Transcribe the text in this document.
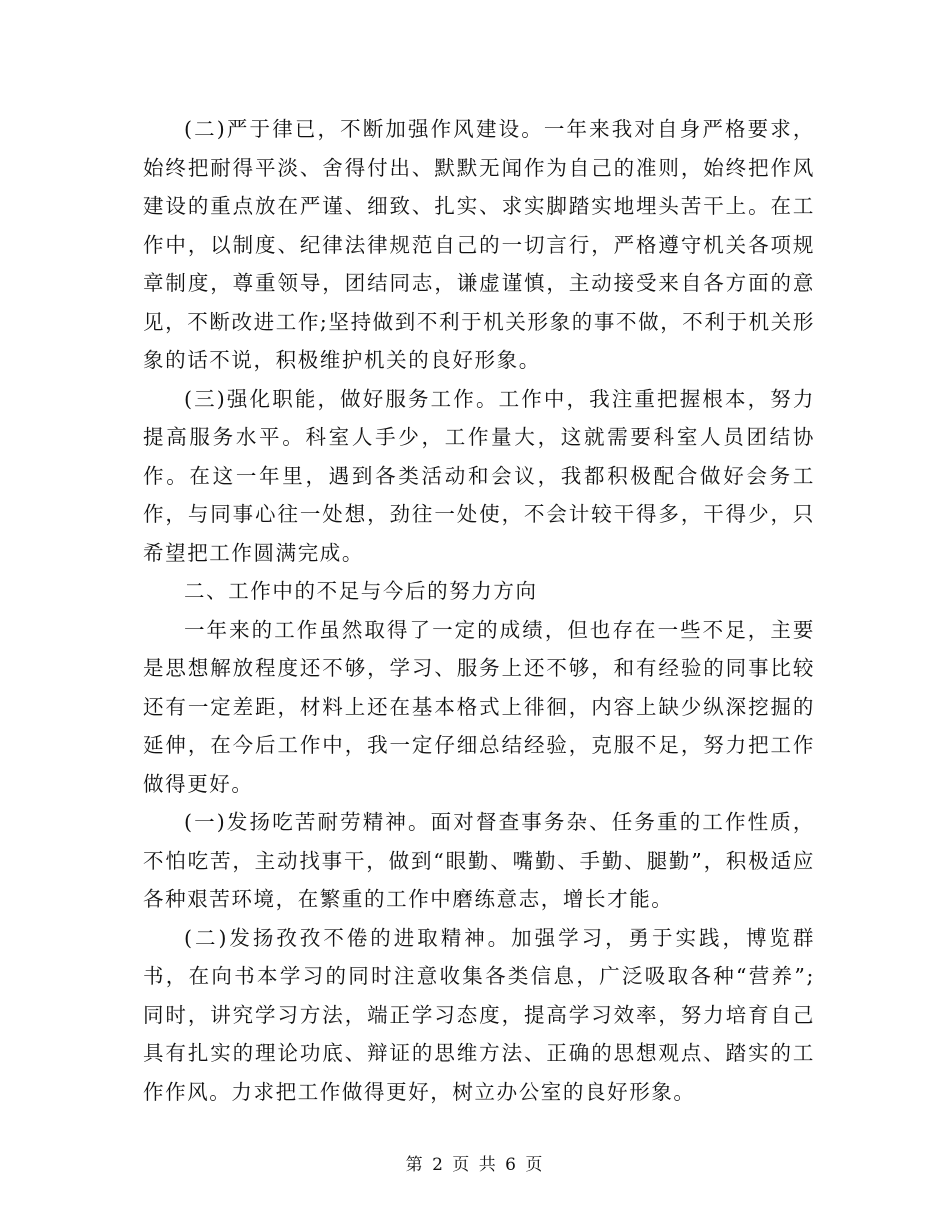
(二)严于律已，不断加强作风建设。一年来我对自身严格要求，始终把耐得平淡、舍得付出、默默无闻作为自己的准则，始终把作风建设的重点放在严谨、细致、扎实、求实脚踏实地埋头苦干上。在工作中，以制度、纪律法律规范自己的一切言行，严格遵守机关各项规章制度，尊重领导，团结同志，谦虚谨慎，主动接受来自各方面的意见，不断改进工作;坚持做到不利于机关形象的事不做，不利于机关形象的话不说，积极维护机关的良好形象。

(三)强化职能，做好服务工作。工作中，我注重把握根本，努力提高服务水平。科室人手少，工作量大，这就需要科室人员团结协作。在这一年里，遇到各类活动和会议，我都积极配合做好会务工作，与同事心往一处想，劲往一处使，不会计较干得多，干得少，只希望把工作圆满完成。

二、工作中的不足与今后的努力方向

一年来的工作虽然取得了一定的成绩，但也存在一些不足，主要是思想解放程度还不够，学习、服务上还不够，和有经验的同事比较还有一定差距，材料上还在基本格式上徘徊，内容上缺少纵深挖掘的延伸，在今后工作中，我一定仔细总结经验，克服不足，努力把工作做得更好。

(一)发扬吃苦耐劳精神。面对督查事务杂、任务重的工作性质，不怕吃苦，主动找事干，做到“眼勤、嘴勤、手勤、腿勤”，积极适应各种艰苦环境，在繁重的工作中磨练意志，增长才能。

(二)发扬孜孜不倦的进取精神。加强学习，勇于实践，博览群书，在向书本学习的同时注意收集各类信息，广泛吸取各种“营养”;同时，讲究学习方法，端正学习态度，提高学习效率，努力培育自己具有扎实的理论功底、辩证的思维方法、正确的思想观点、踏实的工作作风。力求把工作做得更好，树立办公室的良好形象。

第 2 页 共 6 页
